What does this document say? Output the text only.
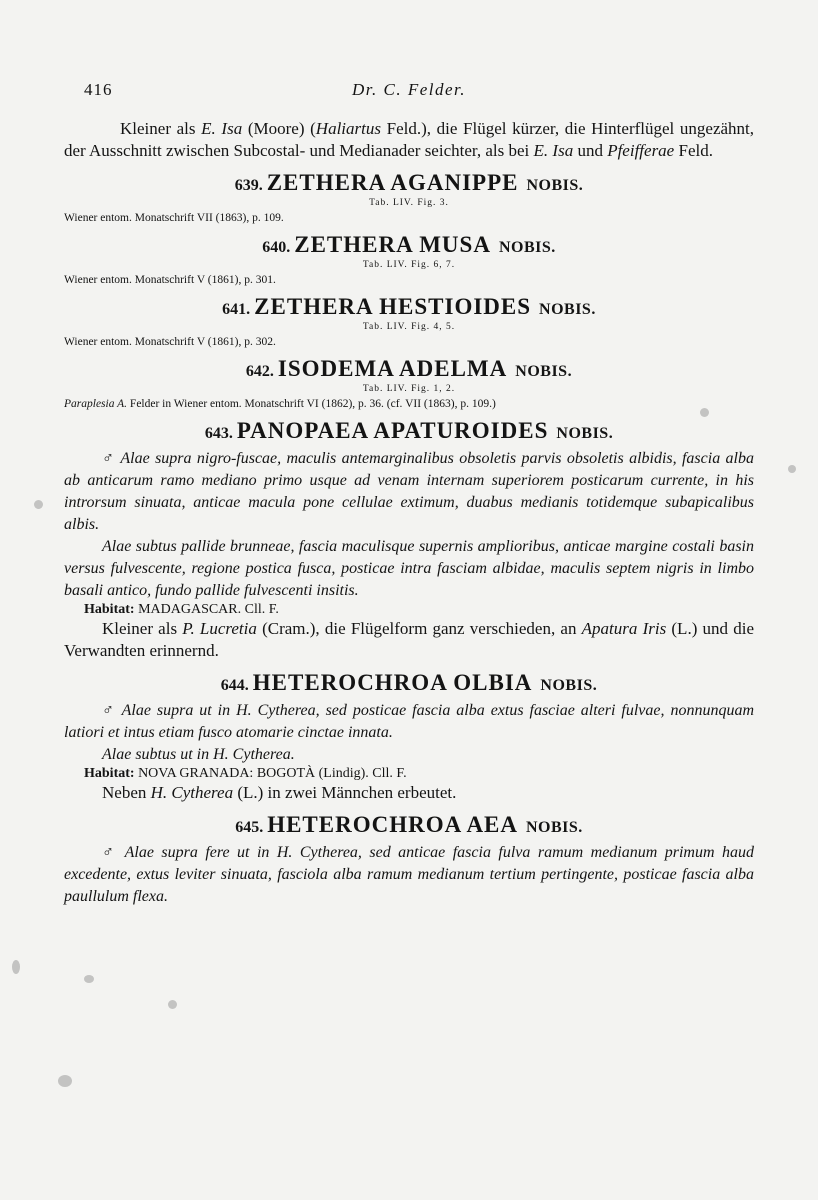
416	Dr. C. Felder.

Kleiner als E. Isa (Moore) (Haliartus Feld.), die Flügel kürzer, die Hinterflügel ungezähnt, der Ausschnitt zwischen Subcostal- und Medianader seichter, als bei E. Isa und Pfeifferae Feld.

639. ZETHERA AGANIPPE NOBIS.

Tab. LIV. Fig. 3.

Wiener entom. Monatschrift VII (1863), p. 109.

640. ZETHERA MUSA NOBIS.

Tab. LIV. Fig. 6, 7.

Wiener entom. Monatschrift V (1861), p. 301.

641. ZETHERA HESTIOIDES NOBIS.

Tab. LIV. Fig. 4, 5.

Wiener entom. Monatschrift V (1861), p. 302.

642. ISODEMA ADELMA NOBIS.

Tab. LIV. Fig. 1, 2.

Paraplesia A. Felder in Wiener entom. Monatschrift VI (1862), p. 36. (cf. VII (1863), p. 109.)

643. PANOPAEA APATUROIDES NOBIS.

♂ Alae supra nigro-fuscae, maculis antemarginalibus obsoletis parvis obsoletis albidis, fascia alba ab anticarum ramo mediano primo usque ad venam internam superiorem posticarum currente, in his introrsum sinuata, anticae macula pone cellulae extimum, duabus medianis totidemque subapicalibus albis.

Alae subtus pallide brunneae, fascia maculisque supernis amplioribus, anticae margine costali basin versus fulvescente, regione postica fusca, posticae intra fasciam albidae, maculis septem nigris in limbo basali antico, fundo pallide fulvescenti insitis.

Habitat: MADAGASCAR. Cll. F.

Kleiner als P. Lucretia (Cram.), die Flügelform ganz verschieden, an Apatura Iris (L.) und die Verwandten erinnernd.

644. HETEROCHROA OLBIA NOBIS.

♂ Alae supra ut in H. Cytherea, sed posticae fascia alba extus fasciae alteri fulvae, nonnunquam latiori et intus etiam fusco atomarie cinctae innata.

Alae subtus ut in H. Cytherea.

Habitat: NOVA GRANADA: BOGOTÀ (Lindig). Cll. F.

Neben H. Cytherea (L.) in zwei Männchen erbeutet.

645. HETEROCHROA AEA NOBIS.

♂ Alae supra fere ut in H. Cytherea, sed anticae fascia fulva ramum medianum primum haud excedente, extus leviter sinuata, fasciola alba ramum medianum tertium pertingente, posticae fascia alba paullulum flexa.
